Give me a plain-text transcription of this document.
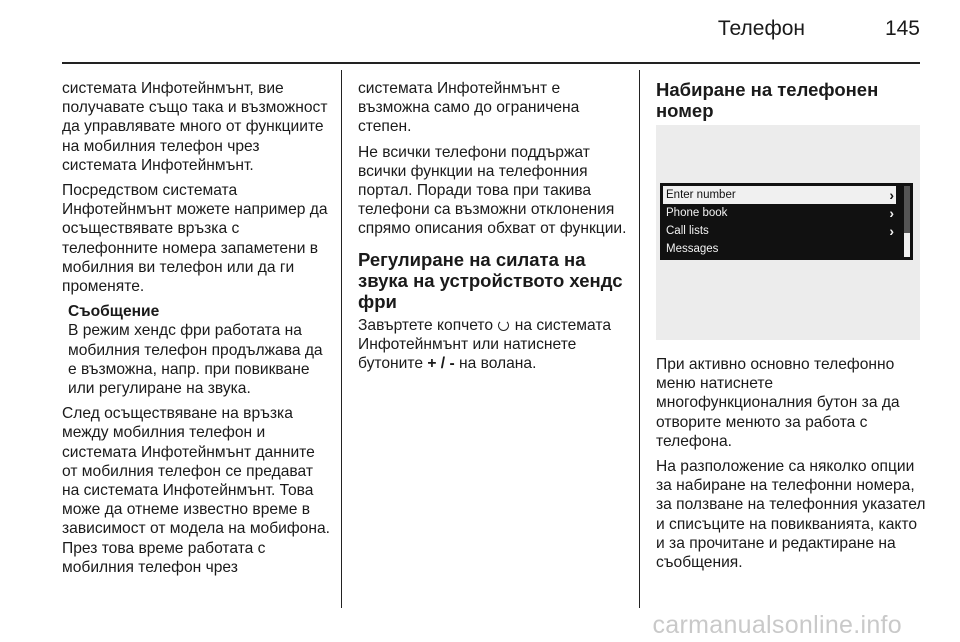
Телефон	145

системата Инфотейнмънт, вие получавате също така и възможност да управлявате много от функциите на мобилния телефон чрез системата Инфотейнмънт.

Посредством системата Инфотейнмънт можете например да осъществявате връзка с телефонните номера запаметени в мобилния ви телефон или да ги променяте.

Съобщение
В режим хендс фри работата на мобилния телефон продължава да е възможна, напр. при повикване или регулиране на звука.

След осъществяване на връзка между мобилния телефон и системата Инфотейнмънт данните от мобилния телефон се предават на системата Инфотейнмънт. Това може да отнеме известно време в зависимост от модела на мобифона. През това време работата с мобилния телефон чрез

системата Инфотейнмънт е възможна само до ограничена степен.

Не всички телефони поддържат всички функции на телефонния портал. Поради това при такива телефони са възможни отклонения спрямо описания обхват от функции.

Регулиране на силата на звука на устройството хендс фри

Завъртете копчето на системата Инфотейнмънт или натиснете бутоните + / - на волана.

Набиране на телефонен номер
Enter number	›
Phone book	›
Call lists	›
Messages

При активно основно телефонно меню натиснете многофункционалния бутон за да отворите менюто за работа с телефона.

На разположение са няколко опции за набиране на телефонни номера, за ползване на телефонния указател и списъците на повикванията, както и за прочитане и редактиране на съобщения.

carmanualsonline.info
